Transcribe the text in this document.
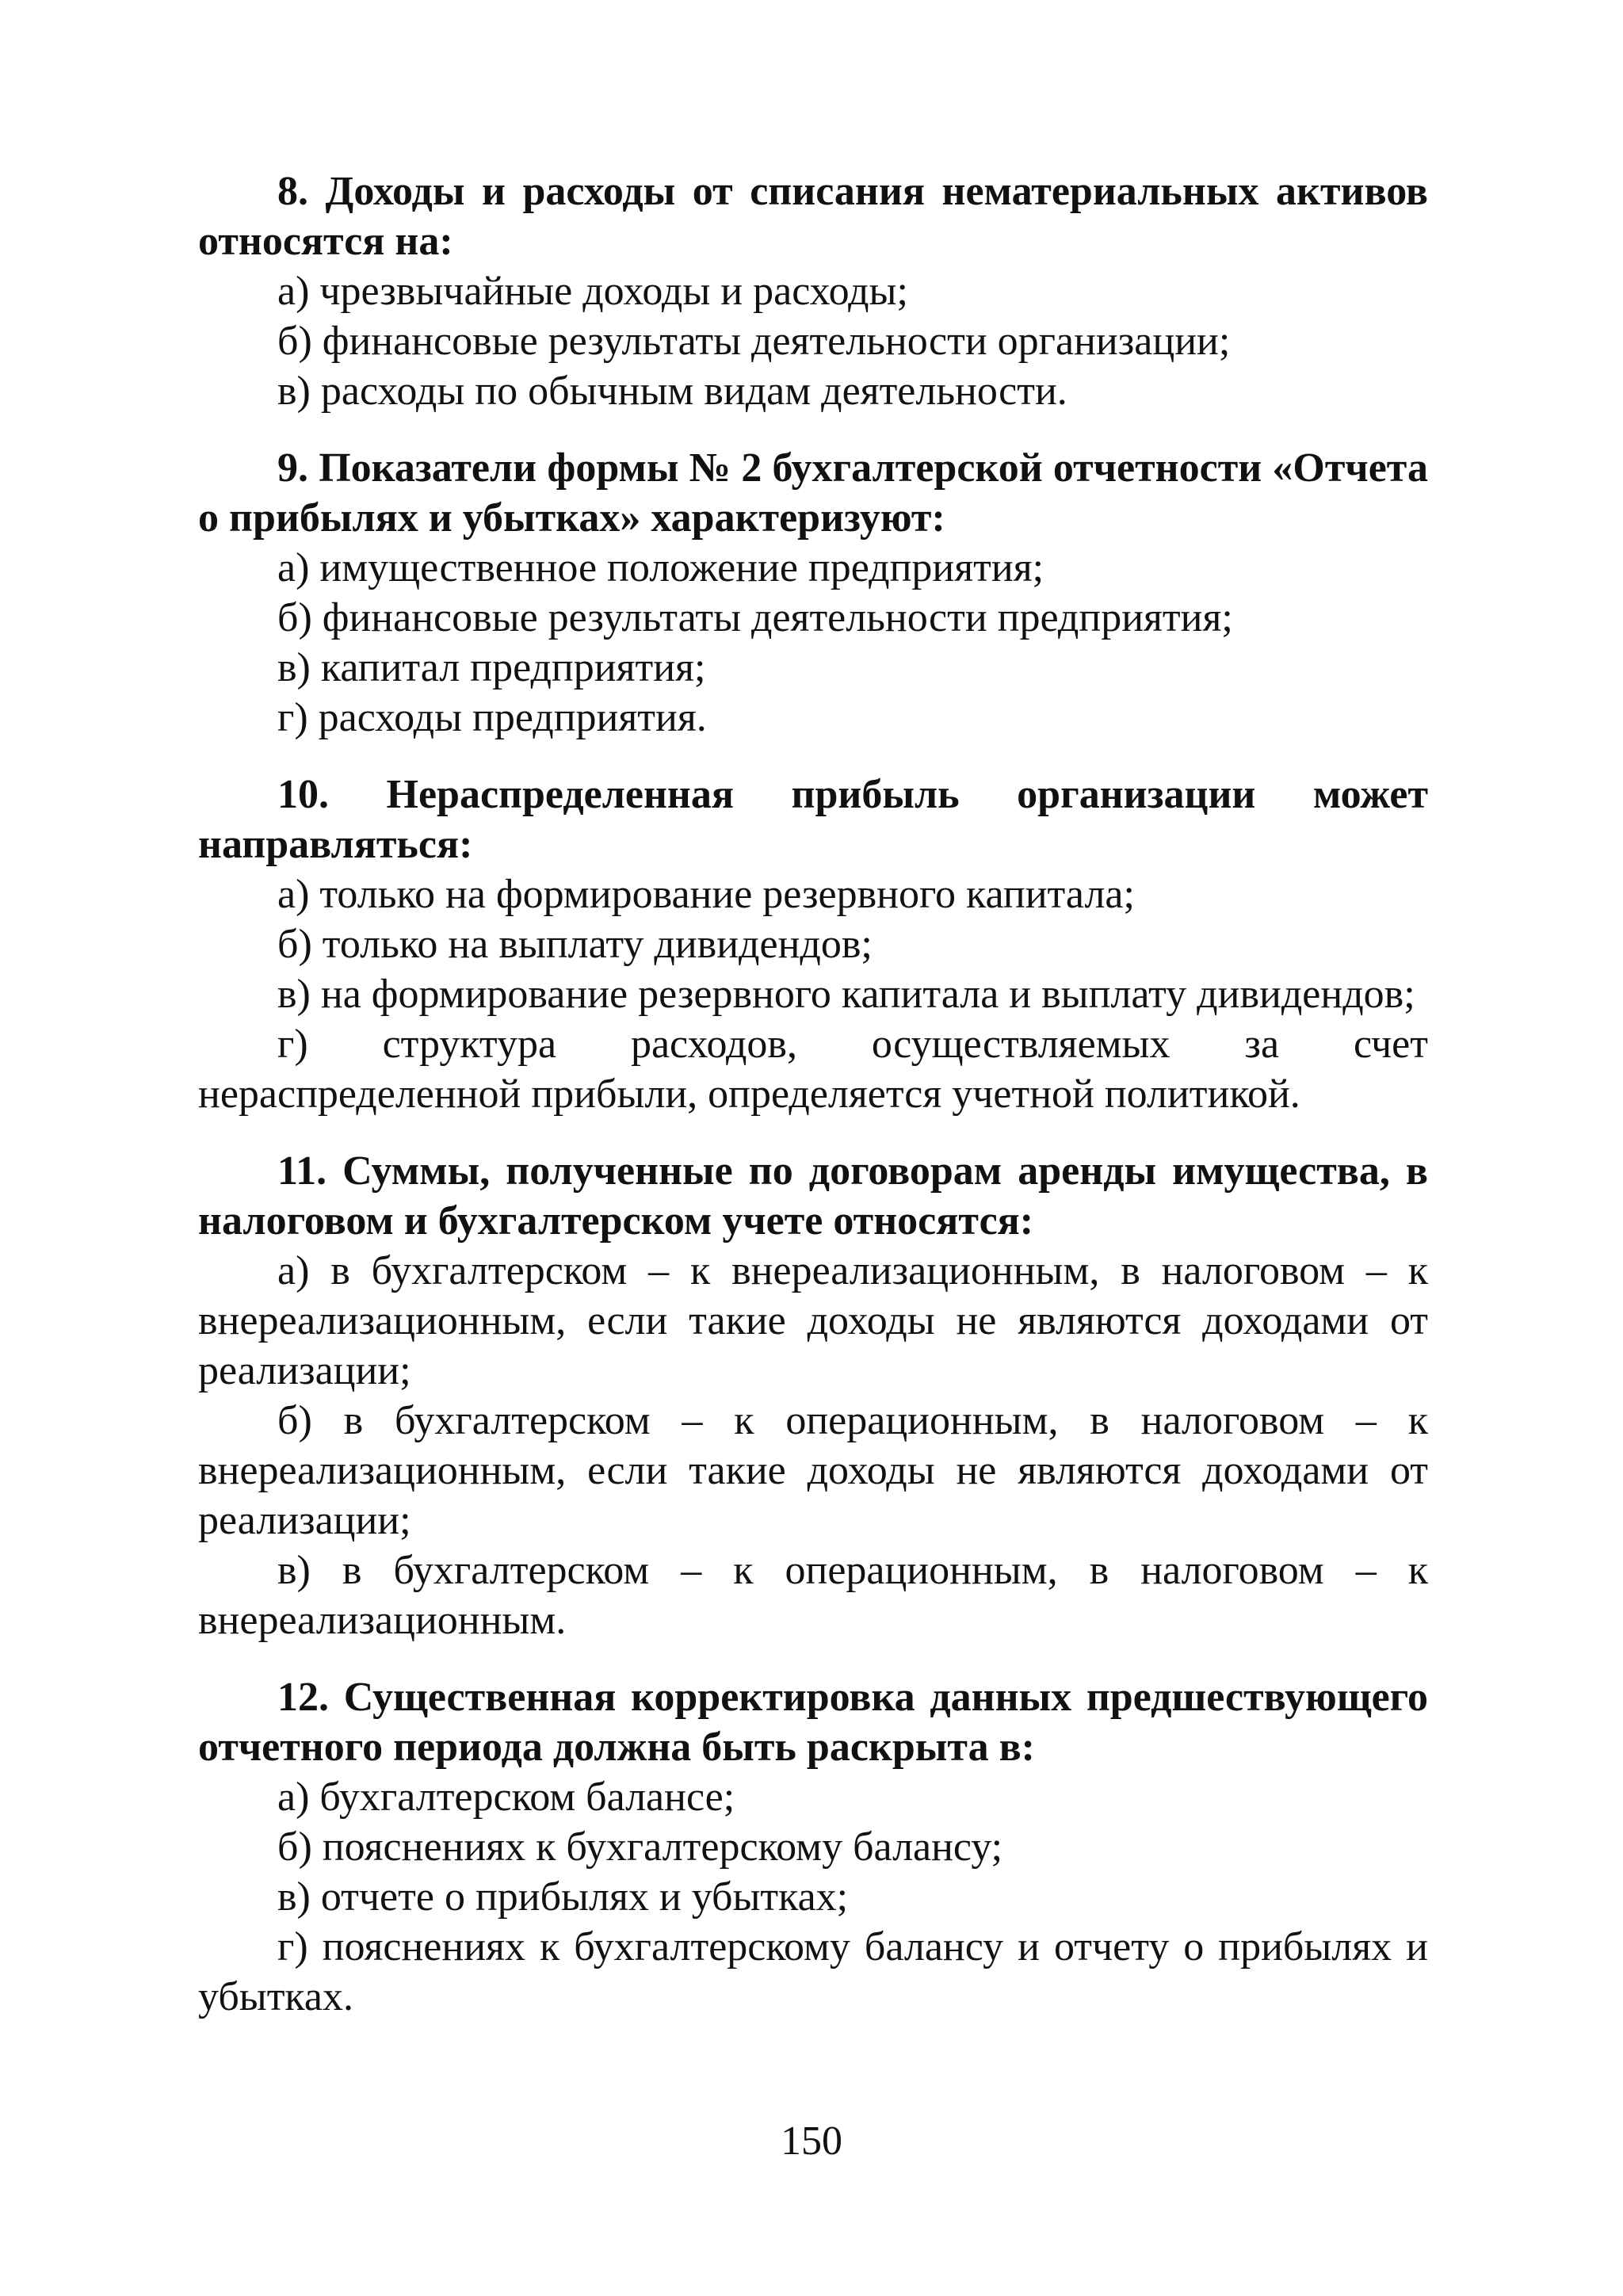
8. Доходы и расходы от списания нематериальных активов относятся на:

а) чрезвычайные доходы и расходы;

б) финансовые результаты деятельности организации;

в) расходы по обычным видам деятельности.

9. Показатели формы № 2 бухгалтерской отчетности «Отчета о прибылях и убытках» характеризуют:

а) имущественное положение предприятия;

б) финансовые результаты деятельности предприятия;

в) капитал предприятия;

г) расходы предприятия.

10. Нераспределенная прибыль организации может направляться:

а) только на формирование резервного капитала;

б) только на выплату дивидендов;

в) на формирование резервного капитала и выплату дивидендов;

г) структура расходов, осуществляемых за счет нераспределенной прибыли, определяется учетной политикой.

11. Суммы, полученные по договорам аренды имущества, в налоговом и бухгалтерском учете относятся:

а) в бухгалтерском – к внереализационным, в налоговом – к внереализационным, если такие доходы не являются доходами от реализации;

б) в бухгалтерском – к операционным, в налоговом – к внереализационным, если такие доходы не являются доходами от реализации;

в) в бухгалтерском – к операционным, в налоговом – к внереализационным.

12. Существенная корректировка данных предшествующего отчетного периода должна быть раскрыта в:

а) бухгалтерском балансе;

б) пояснениях к бухгалтерскому балансу;

в) отчете о прибылях и убытках;

г) пояснениях к бухгалтерскому балансу и отчету о прибылях и убытках.

150
